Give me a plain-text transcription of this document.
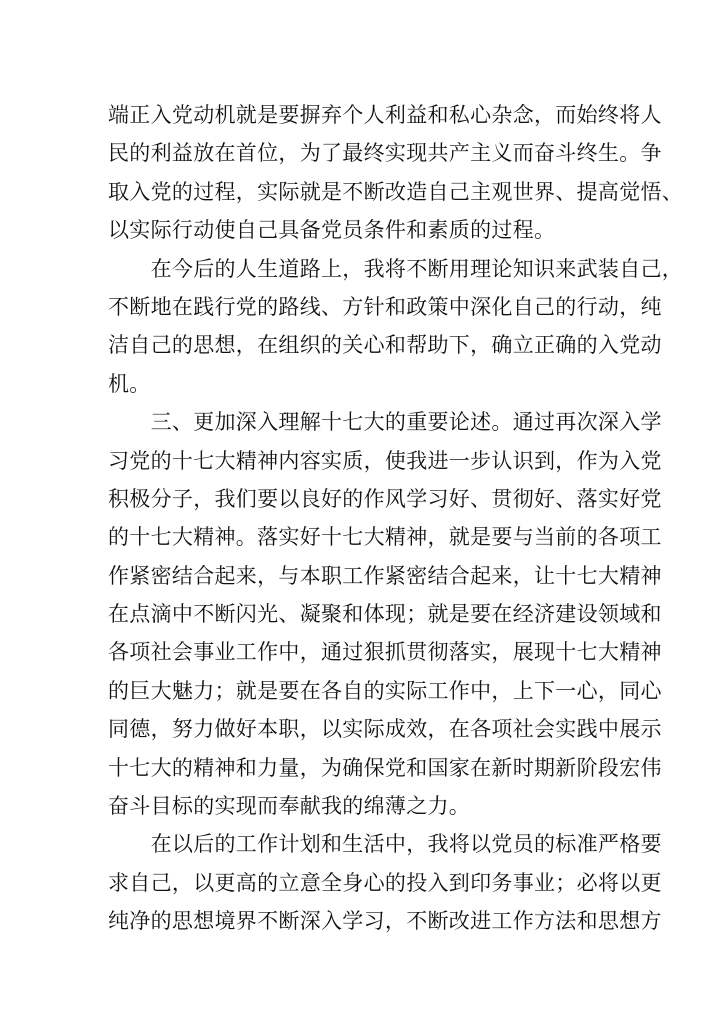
端正入党动机就是要摒弃个人利益和私心杂念，而始终将人
民的利益放在首位，为了最终实现共产主义而奋斗终生。争
取入党的过程，实际就是不断改造自己主观世界、提高觉悟、
以实际行动使自己具备党员条件和素质的过程。
　　在今后的人生道路上，我将不断用理论知识来武装自己，
不断地在践行党的路线、方针和政策中深化自己的行动，纯
洁自己的思想，在组织的关心和帮助下，确立正确的入党动
机。
　　三、更加深入理解十七大的重要论述。通过再次深入学
习党的十七大精神内容实质，使我进一步认识到，作为入党
积极分子，我们要以良好的作风学习好、贯彻好、落实好党
的十七大精神。落实好十七大精神，就是要与当前的各项工
作紧密结合起来，与本职工作紧密结合起来，让十七大精神
在点滴中不断闪光、凝聚和体现；就是要在经济建设领域和
各项社会事业工作中，通过狠抓贯彻落实，展现十七大精神
的巨大魅力；就是要在各自的实际工作中，上下一心，同心
同德，努力做好本职，以实际成效，在各项社会实践中展示
十七大的精神和力量，为确保党和国家在新时期新阶段宏伟
奋斗目标的实现而奉献我的绵薄之力。
　　在以后的工作计划和生活中，我将以党员的标准严格要
求自己，以更高的立意全身心的投入到印务事业；必将以更
纯净的思想境界不断深入学习，不断改进工作方法和思想方
